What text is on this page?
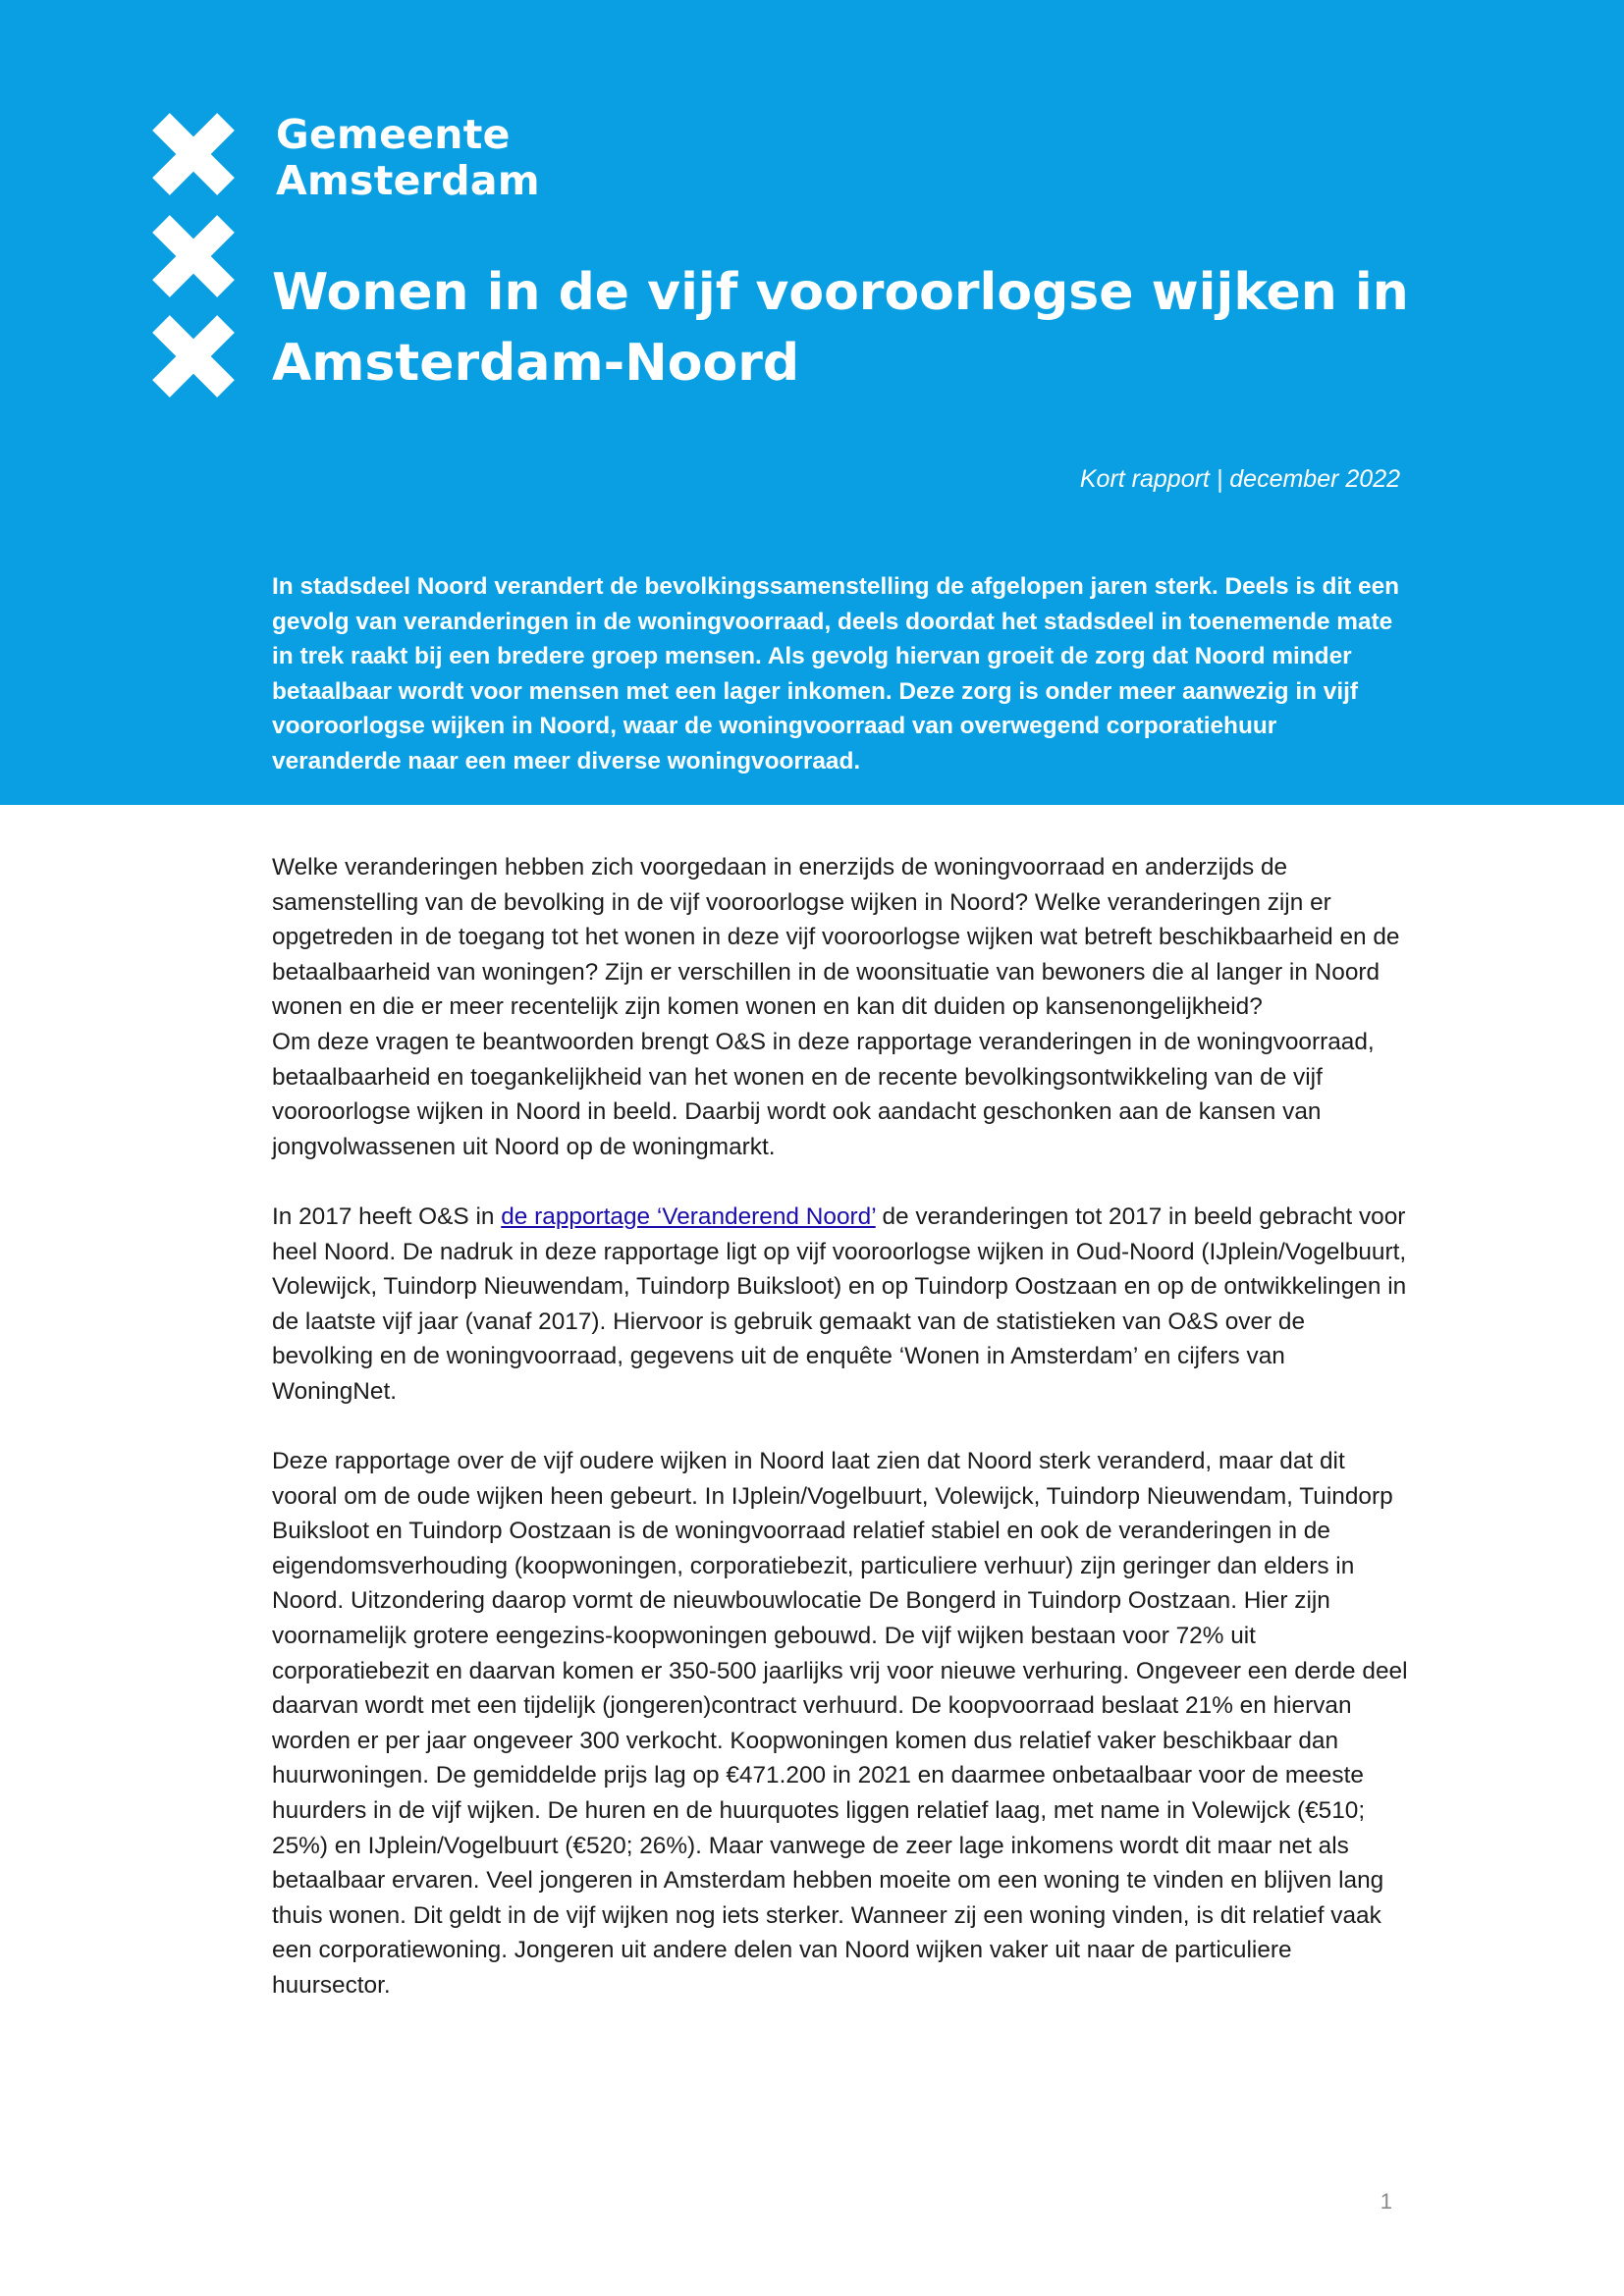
Gemeente
Amsterdam
Wonen in de vijf vooroorlogse wijken in
Amsterdam-Noord
Kort rapport | december 2022

In stadsdeel Noord verandert de bevolkingssamenstelling de afgelopen jaren sterk. Deels is dit een gevolg van veranderingen in de woningvoorraad, deels doordat het stadsdeel in toenemende mate in trek raakt bij een bredere groep mensen. Als gevolg hiervan groeit de zorg dat Noord minder betaalbaar wordt voor mensen met een lager inkomen. Deze zorg is onder meer aanwezig in vijf vooroorlogse wijken in Noord, waar de woningvoorraad van overwegend corporatiehuur veranderde naar een meer diverse woningvoorraad.

Welke veranderingen hebben zich voorgedaan in enerzijds de woningvoorraad en anderzijds de samenstelling van de bevolking in de vijf vooroorlogse wijken in Noord? Welke veranderingen zijn er opgetreden in de toegang tot het wonen in deze vijf vooroorlogse wijken wat betreft beschikbaarheid en de betaalbaarheid van woningen? Zijn er verschillen in de woonsituatie van bewoners die al langer in Noord wonen en die er meer recentelijk zijn komen wonen en kan dit duiden op kansenongelijkheid?

Om deze vragen te beantwoorden brengt O&S in deze rapportage veranderingen in de woningvoorraad, betaalbaarheid en toegankelijkheid van het wonen en de recente bevolkingsontwikkeling van de vijf vooroorlogse wijken in Noord in beeld. Daarbij wordt ook aandacht geschonken aan de kansen van jongvolwassenen uit Noord op de woningmarkt.

In 2017 heeft O&S in de rapportage ‘Veranderend Noord’ de veranderingen tot 2017 in beeld gebracht voor heel Noord. De nadruk in deze rapportage ligt op vijf vooroorlogse wijken in Oud-Noord (IJplein/Vogelbuurt, Volewijck, Tuindorp Nieuwendam, Tuindorp Buiksloot) en op Tuindorp Oostzaan en op de ontwikkelingen in de laatste vijf jaar (vanaf 2017). Hiervoor is gebruik gemaakt van de statistieken van O&S over de bevolking en de woningvoorraad, gegevens uit de enquête ‘Wonen in Amsterdam’ en cijfers van WoningNet.

Deze rapportage over de vijf oudere wijken in Noord laat zien dat Noord sterk veranderd, maar dat dit vooral om de oude wijken heen gebeurt. In IJplein/Vogelbuurt, Volewijck, Tuindorp Nieuwendam, Tuindorp Buiksloot en Tuindorp Oostzaan is de woningvoorraad relatief stabiel en ook de veranderingen in de eigendomsverhouding (koopwoningen, corporatiebezit, particuliere verhuur) zijn geringer dan elders in Noord. Uitzondering daarop vormt de nieuwbouwlocatie De Bongerd in Tuindorp Oostzaan. Hier zijn voornamelijk grotere eengezins-koopwoningen gebouwd. De vijf wijken bestaan voor 72% uit corporatiebezit en daarvan komen er 350-500 jaarlijks vrij voor nieuwe verhuring. Ongeveer een derde deel daarvan wordt met een tijdelijk (jongeren)contract verhuurd. De koopvoorraad beslaat 21% en hiervan worden er per jaar ongeveer 300 verkocht. Koopwoningen komen dus relatief vaker beschikbaar dan huurwoningen. De gemiddelde prijs lag op €471.200 in 2021 en daarmee onbetaalbaar voor de meeste huurders in de vijf wijken. De huren en de huurquotes liggen relatief laag, met name in Volewijck (€510; 25%) en IJplein/Vogelbuurt (€520; 26%). Maar vanwege de zeer lage inkomens wordt dit maar net als betaalbaar ervaren. Veel jongeren in Amsterdam hebben moeite om een woning te vinden en blijven lang thuis wonen. Dit geldt in de vijf wijken nog iets sterker. Wanneer zij een woning vinden, is dit relatief vaak een corporatiewoning. Jongeren uit andere delen van Noord wijken vaker uit naar de particuliere huursector.

1
